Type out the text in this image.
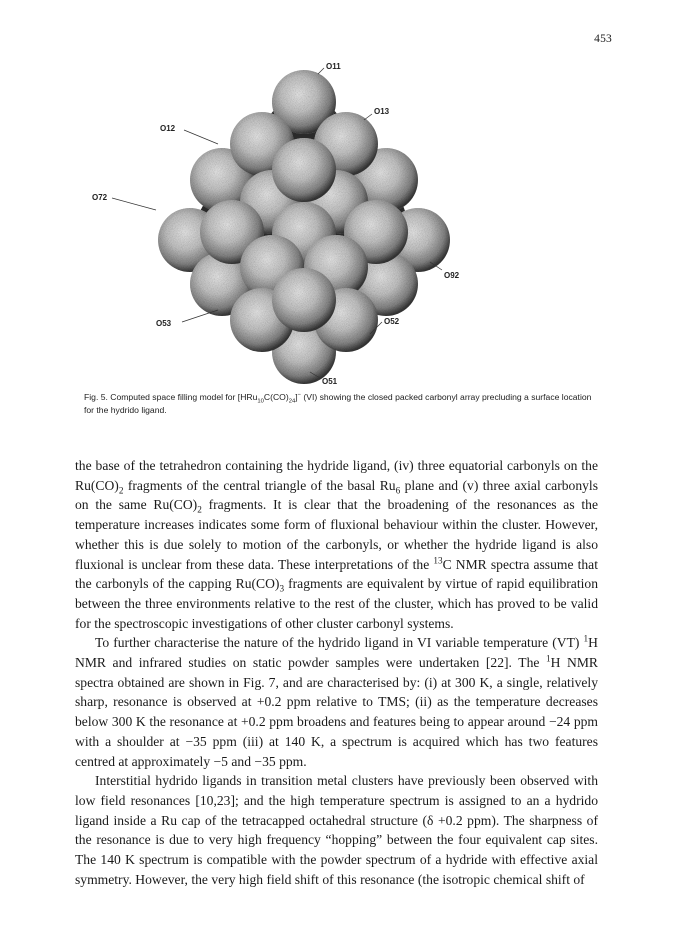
453
O11
O12
O13
O72
O92
O53	O52
O51
Fig. 5. Computed space filling model for $[HRu_{10}C(CO)_{24}]^-$ (VI) showing the closed packed carbonyl array precluding a surface location for the hydrido ligand.

the base of the tetrahedron containing the hydride ligand, (iv) three equatorial carbonyls on the $Ru(CO)_2$ fragments of the central triangle of the basal $Ru_6$ plane and (v) three axial carbonyls on the same $Ru(CO)_2$ fragments. It is clear that the broadening of the resonances as the temperature increases indicates some form of fluxional behaviour within the cluster. However, whether this is due solely to motion of the carbonyls, or whether the hydride ligand is also fluxional is unclear from these data. These interpretations of the $^{13}$C NMR spectra assume that the carbonyls of the capping $Ru(CO)_3$ fragments are equivalent by virtue of rapid equilibration between the three environments relative to the rest of the cluster, which has proved to be valid for the spectroscopic investigations of other cluster carbonyl systems.

To further characterise the nature of the hydrido ligand in VI variable temperature (VT) $^1$H NMR and infrared studies on static powder samples were undertaken [22]. The $^1$H NMR spectra obtained are shown in Fig. 7, and are characterised by: (i) at 300 K, a single, relatively sharp, resonance is observed at +0.2 ppm relative to TMS; (ii) as the temperature decreases below 300 K the resonance at +0.2 ppm broadens and features being to appear around −24 ppm with a shoulder at −35 ppm (iii) at 140 K, a spectrum is acquired which has two features centred at approximately −5 and −35 ppm.

Interstitial hydrido ligands in transition metal clusters have previously been observed with low field resonances [10,23]; and the high temperature spectrum is assigned to an a hydrido ligand inside a Ru cap of the tetracapped octahedral structure (δ +0.2 ppm). The sharpness of the resonance is due to very high frequency “hopping” between the four equivalent cap sites. The 140 K spectrum is compatible with the powder spectrum of a hydride with effective axial symmetry. However, the very high field shift of this resonance (the isotropic chemical shift of
